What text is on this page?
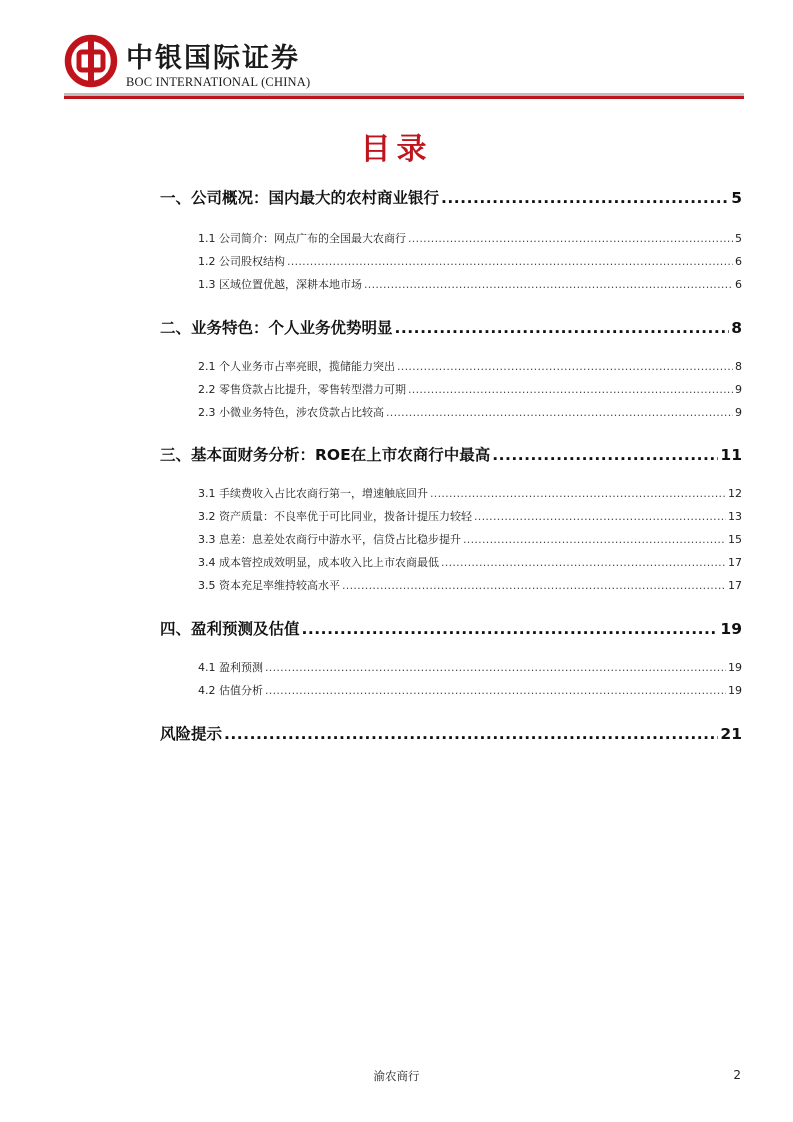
中银国际证券
BOC INTERNATIONAL (CHINA)
目录
一、公司概况：国内最大的农村商业银行 .....	5
1.1 公司简介：网点广布的全国最大农商行 .....	5
1.2 公司股权结构 .....	6
1.3 区域位置优越，深耕本地市场 .....	6
二、业务特色：个人业务优势明显 .....	8
2.1 个人业务市占率亮眼，揽储能力突出 .....	8
2.2 零售贷款占比提升，零售转型潜力可期 .....	9
2.3 小微业务特色，涉农贷款占比较高 .....	9
三、基本面财务分析：ROE在上市农商行中最高 .....	11
3.1 手续费收入占比农商行第一，增速触底回升 .....	12
3.2 资产质量：不良率优于可比同业，拨备计提压力较轻 .....	13
3.3 息差：息差处农商行中游水平，信贷占比稳步提升 .....	15
3.4 成本管控成效明显，成本收入比上市农商最低 .....	17
3.5 资本充足率维持较高水平 .....	17
四、盈利预测及估值 .....	19
4.1 盈利预测 .....	19
4.2 估值分析 .....	19
风险提示 .....	21
渝农商行	2
